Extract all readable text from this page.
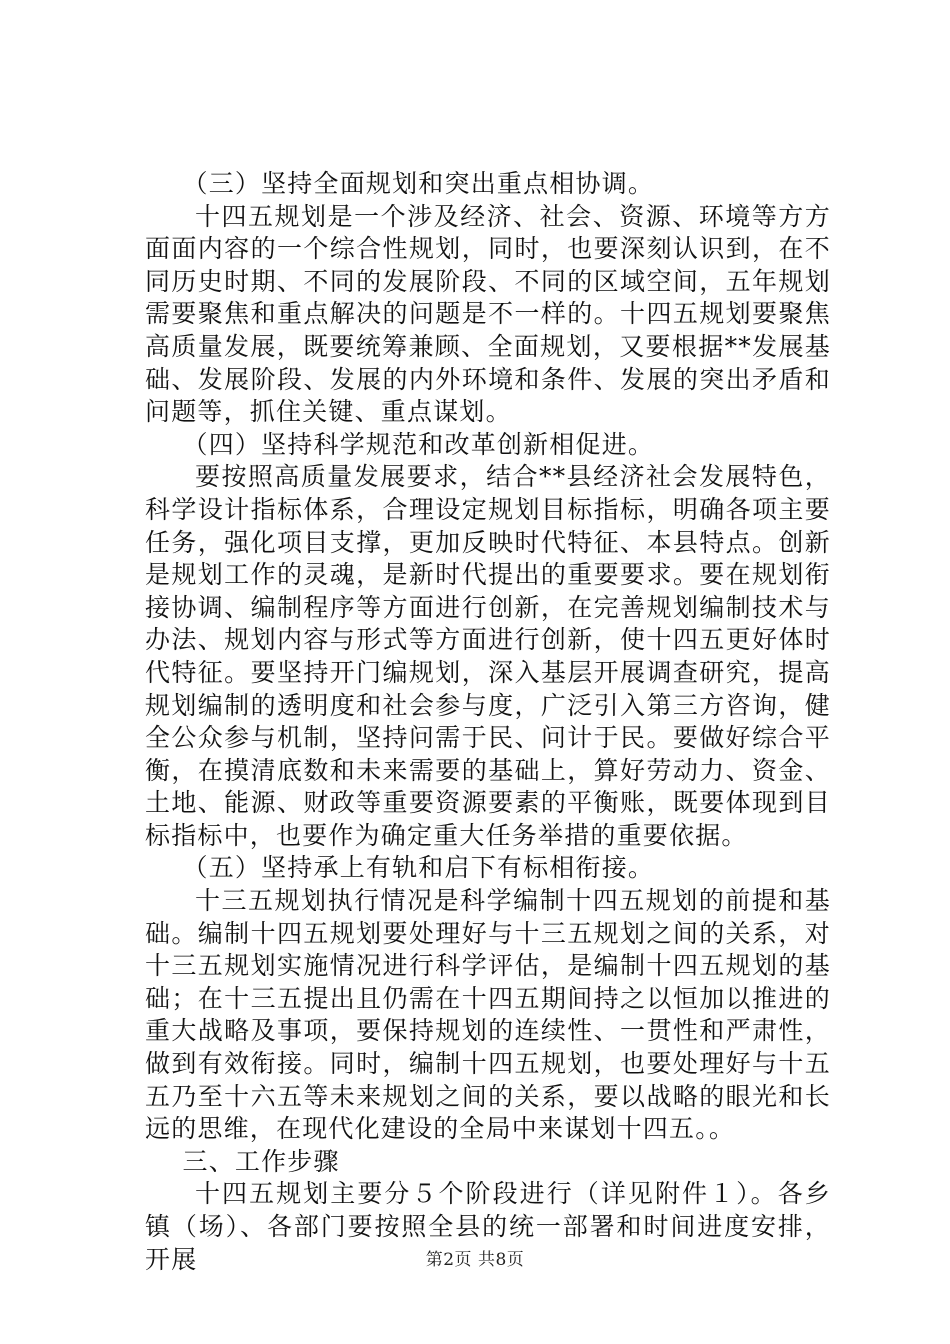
（三）坚持全面规划和突出重点相协调。

十四五规划是一个涉及经济、社会、资源、环境等方方面面内容的一个综合性规划，同时，也要深刻认识到，在不同历史时期、不同的发展阶段、不同的区域空间，五年规划需要聚焦和重点解决的问题是不一样的。十四五规划要聚焦高质量发展，既要统筹兼顾、全面规划，又要根据**发展基础、发展阶段、发展的内外环境和条件、发展的突出矛盾和问题等，抓住关键、重点谋划。

（四）坚持科学规范和改革创新相促进。

要按照高质量发展要求，结合**县经济社会发展特色，科学设计指标体系，合理设定规划目标指标，明确各项主要任务，强化项目支撑，更加反映时代特征、本县特点。创新是规划工作的灵魂，是新时代提出的重要要求。要在规划衔接协调、编制程序等方面进行创新，在完善规划编制技术与办法、规划内容与形式等方面进行创新，使十四五更好体时代特征。要坚持开门编规划，深入基层开展调查研究，提高规划编制的透明度和社会参与度，广泛引入第三方咨询，健全公众参与机制，坚持问需于民、问计于民。要做好综合平衡，在摸清底数和未来需要的基础上，算好劳动力、资金、土地、能源、财政等重要资源要素的平衡账，既要体现到目标指标中，也要作为确定重大任务举措的重要依据。

（五）坚持承上有轨和启下有标相衔接。

十三五规划执行情况是科学编制十四五规划的前提和基础。编制十四五规划要处理好与十三五规划之间的关系，对十三五规划实施情况进行科学评估，是编制十四五规划的基础；在十三五提出且仍需在十四五期间持之以恒加以推进的重大战略及事项，要保持规划的连续性、一贯性和严肃性，做到有效衔接。同时，编制十四五规划，也要处理好与十五五乃至十六五等未来规划之间的关系，要以战略的眼光和长远的思维，在现代化建设的全局中来谋划十四五。。

三、工作步骤

十四五规划主要分５个阶段进行（详见附件１）。各乡镇（场）、各部门要按照全县的统一部署和时间进度安排，开展	第2页 共8页
